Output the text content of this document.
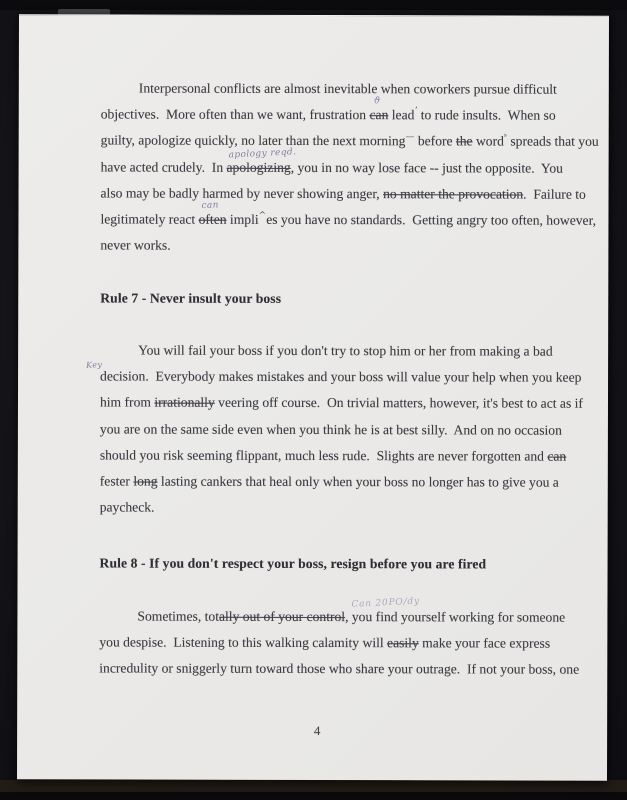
Interpersonal conflicts are almost inevitable when coworkers pursue difficult
objectives.  More often than we want, frustration can
ϑ
lead$^ʼ$ to rude insults.  When so
guilty, apologize quickly, no later than the next morning— before the word$^ˢ$ spreads that you
have acted crudely.  In apologizing
apology reqd.
, you in no way lose face -- just the opposite.  You
also may be badly harmed by never showing anger, no matter the provocation.  Failure to
legitimately react often
can
impli^es you have no standards.  Getting angry too often, however,
never works.
Rule 7 - Never insult your boss
You will fail your boss if you don't try to stop him or her from making a bad
decision
Key
.  Everybody makes mistakes and your boss will value your help when you keep
him from irrationally veering off course.  On trivial matters, however, it's best to act as if
you are on the same side even when you think he is at best silly.  And on no occasion
should you risk seeming flippant, much less rude.  Slights are never forgotten and can
fester long lasting cankers that heal only when your boss no longer has to give you a
paycheck.
Rule 8 - If you don't respect your boss, resign before you are fired
Sometimes, totally out of your control, you find yourself working for someone
Can 20PO/dy
you despise.  Listening to this walking calamity will easily make your face express
incredulity or sniggerly turn toward those who share your outrage.  If not your boss, one
4
